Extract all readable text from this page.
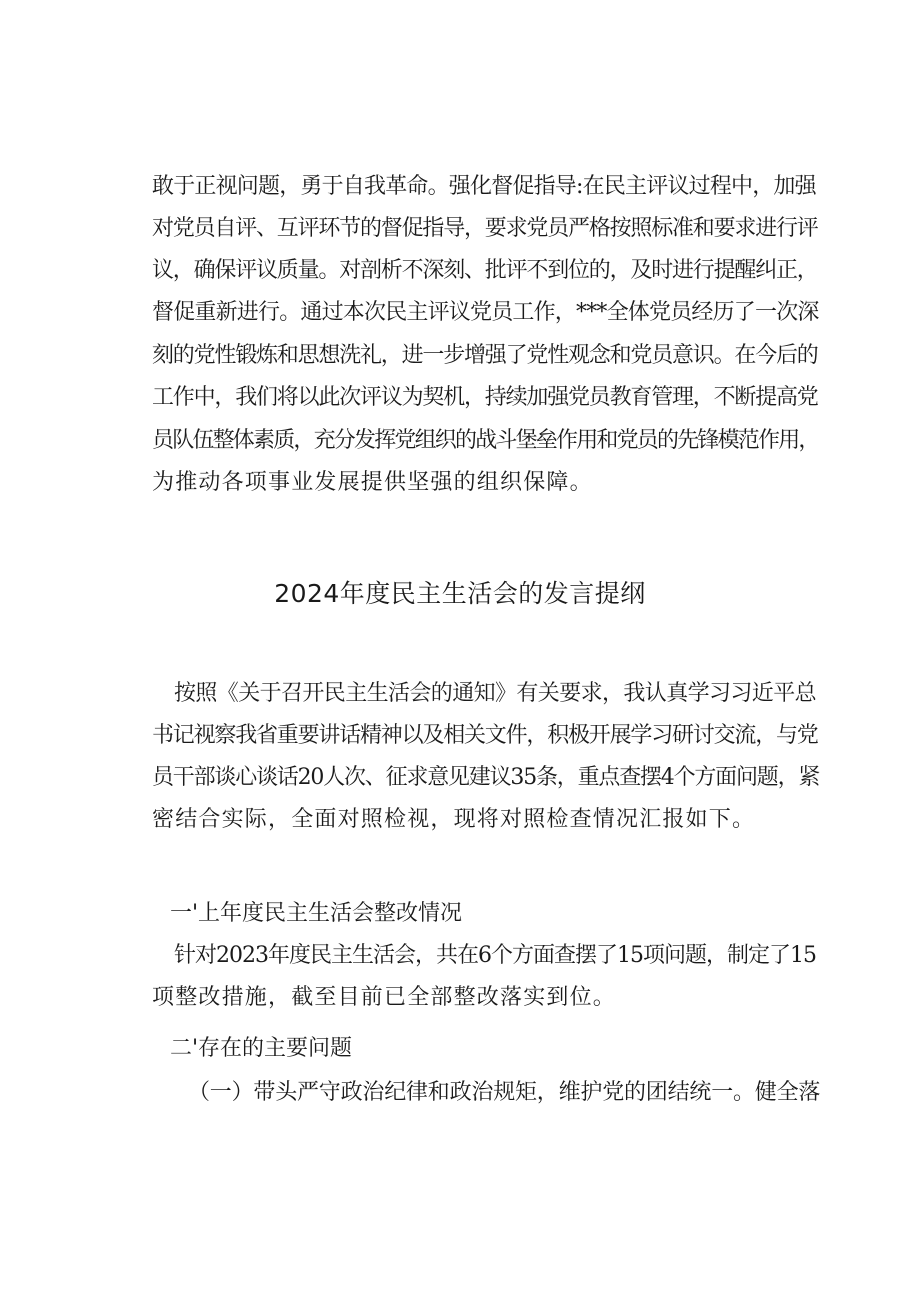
敢于正视问题，勇于自我革命。强化督促指导:在民主评议过程中，加强
对党员自评、互评环节的督促指导，要求党员严格按照标准和要求进行评
议，确保评议质量。对剖析不深刻、批评不到位的，及时进行提醒纠正，
督促重新进行。通过本次民主评议党员工作，***全体党员经历了一次深
刻的党性锻炼和思想洗礼，进一步增强了党性观念和党员意识。在今后的
工作中，我们将以此次评议为契机，持续加强党员教育管理，不断提高党
员队伍整体素质，充分发挥党组织的战斗堡垒作用和党员的先锋模范作用，
为推动各项事业发展提供坚强的组织保障。
2024年度民主生活会的发言提纲
按照《关于召开民主生活会的通知》有关要求，我认真学习习近平总
书记视察我省重要讲话精神以及相关文件，积极开展学习研讨交流，与党
员干部谈心谈话20人次、征求意见建议35条，重点查摆4个方面问题，紧
密结合实际，全面对照检视，现将对照检查情况汇报如下。
一'上年度民主生活会整改情况
针对2023年度民主生活会，共在6个方面查摆了15项问题，制定了15
项整改措施，截至目前已全部整改落实到位。
二'存在的主要问题
（一）带头严守政治纪律和政治规矩，维护党的团结统一。健全落
